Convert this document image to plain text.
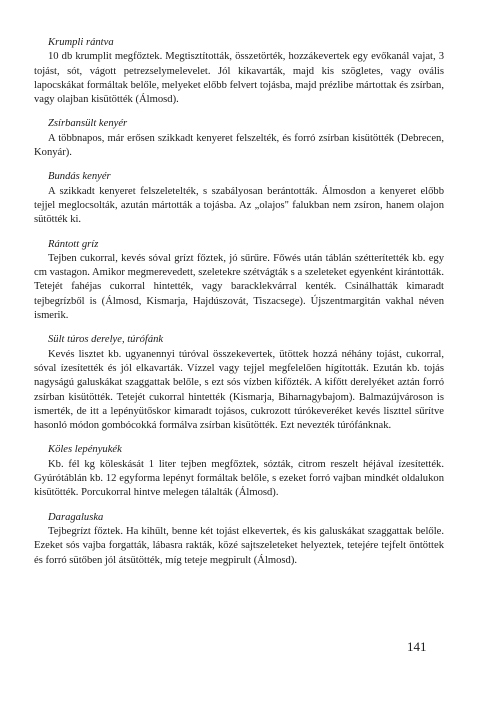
Krumpli rántva

10 db krumplit megfőztek. Megtisztították, összetörték, hozzákevertek egy evőkanál vajat, 3 tojást, sót, vágott petrezselymelevelet. Jól kikavarták, majd kis szögletes, vagy ovális lapocskákat formáltak belőle, melyeket előbb felvert tojásba, majd prézlibe mártottak és zsírban, vagy olajban kisütötték (Álmosd).

Zsírbansült kenyér

A többnapos, már erősen szikkadt kenyeret felszelték, és forró zsírban kisütötték (Debrecen, Konyár).

Bundás kenyér

A szikkadt kenyeret felszeletelték, s szabályosan berántották. Álmosdon a kenyeret előbb tejjel meglocsolták, azután mártották a tojásba. Az „olajos" falukban nem zsíron, hanem olajon sütötték ki.

Rántott gríz

Tejben cukorral, kevés sóval grízt főztek, jó sűrűre. Főwés után táblán szétterítették kb. egy cm vastagon. Amikor megmerevedett, szeletekre szétvágták s a szeleteket egyenként kirántották. Tetejét fahéjas cukorral hintették, vagy baracklekvárral kenték. Csinálhatták kimaradt tejbegrízből is (Álmosd, Kismarja, Hajdúszovát, Tiszacsege). Újszentmargitán vakhal néven ismerik.

Sült túros derelye, túrófánk

Kevés lisztet kb. ugyanennyi túróval összekevertek, ütöttek hozzá néhány tojást, cukorral, sóval ízesítették és jól elkavarták. Vízzel vagy tejjel megfelelően hígították. Ezután kb. tojás nagyságú galuskákat szaggattak belőle, s ezt sós vízben kifőzték. A kifőtt derelyéket aztán forró zsírban kisütötték. Tetejét cukorral hintették (Kismarja, Biharnagybajom). Balmazújvároson is ismerték, de itt a lepényütőskor kimaradt tojásos, cukrozott túrókeveréket kevés liszttel sűrítve hasonló módon gombócokká formálva zsírban kisütötték. Ezt nevezték túrófánknak.

Köles lepényukék

Kb. fél kg köleskását 1 liter tejben megfőztek, sózták, citrom reszelt héjával ízesítették. Gyúrótáblán kb. 12 egyforma lepényt formáltak belőle, s ezeket forró vajban mindkét oldalukon kisütötték. Porcukorral hintve melegen tálalták (Álmosd).

Daragaluska

Tejbegrízt főztek. Ha kihűlt, benne két tojást elkevertek, és kis galuskákat szaggattak belőle. Ezeket sós vajba forgatták, lábasra rakták, közé sajtszeleteket helyeztek, tetejére tejfelt öntöttek és forró sütőben jól átsütötték, míg teteje megpirult (Álmosd).

141
